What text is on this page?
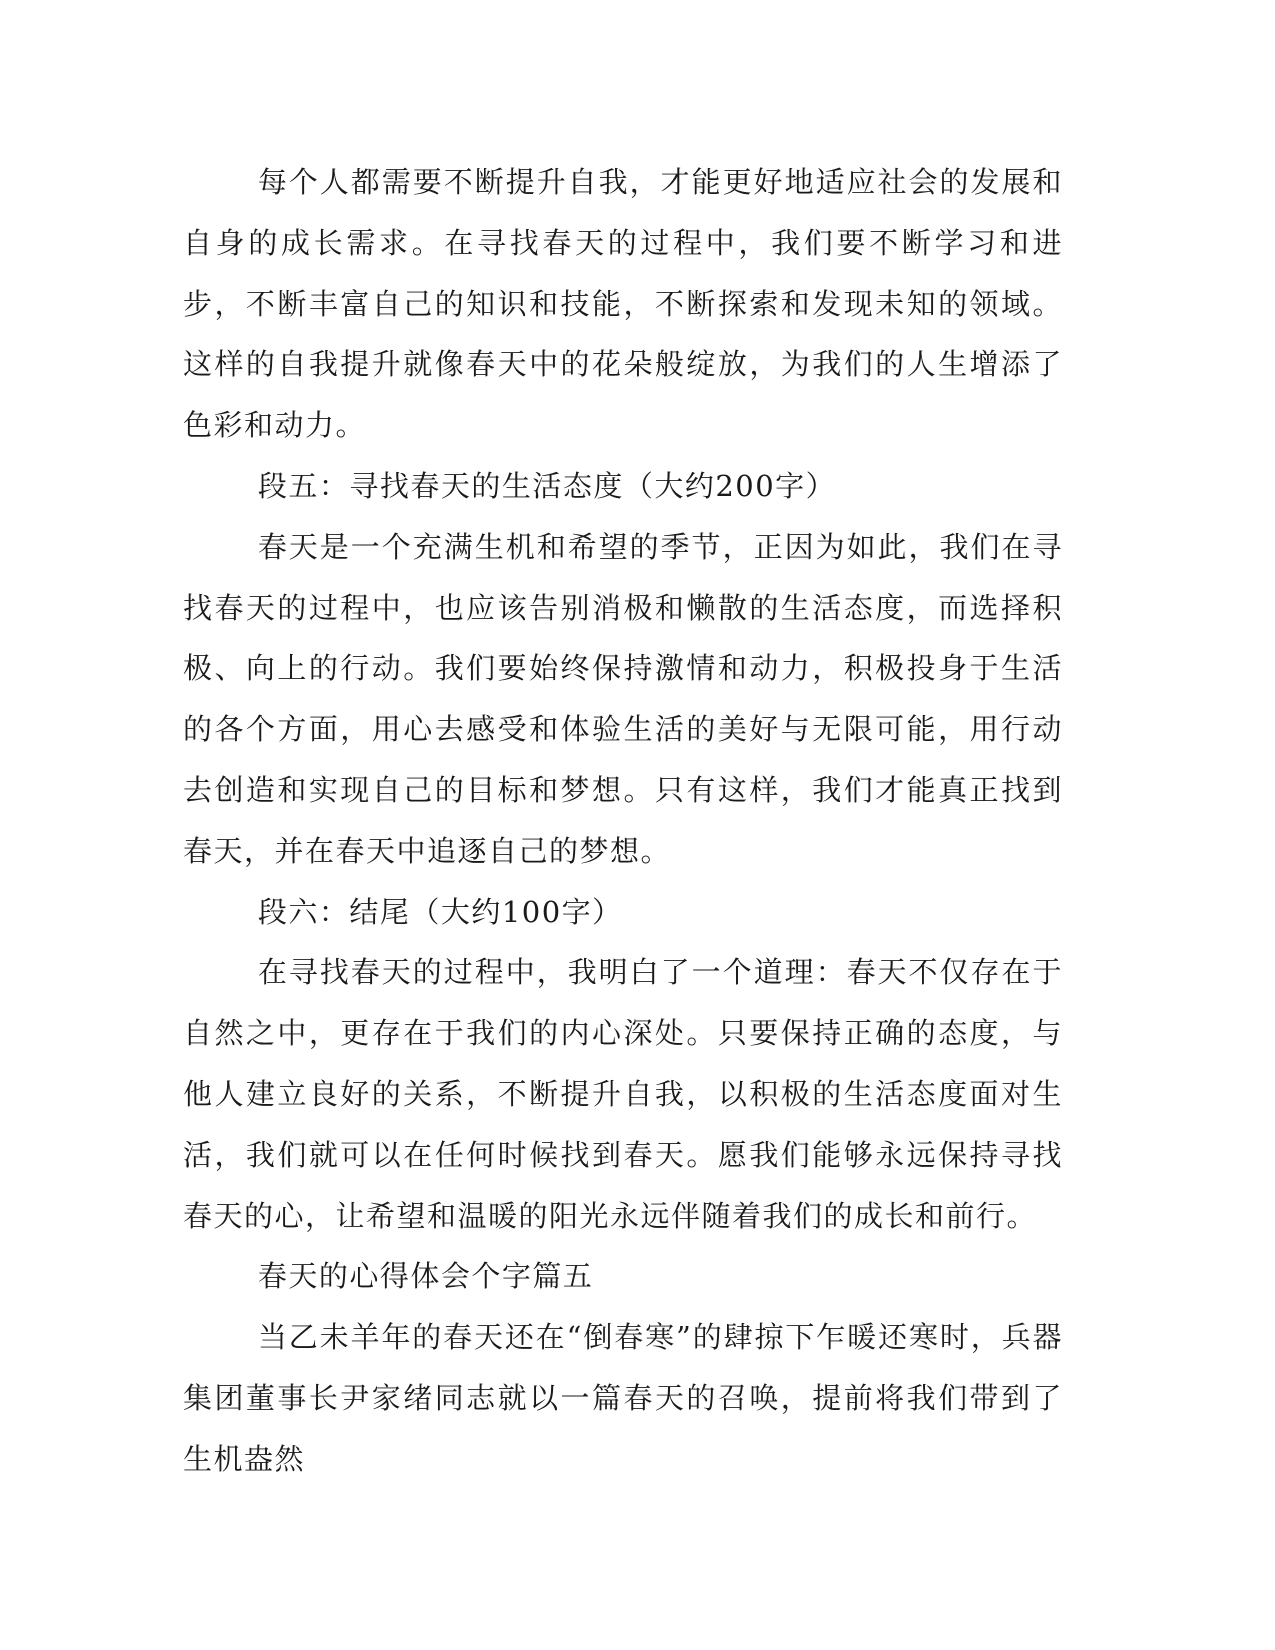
每个人都需要不断提升自我，才能更好地适应社会的发展和自身的成长需求。在寻找春天的过程中，我们要不断学习和进步，不断丰富自己的知识和技能，不断探索和发现未知的领域。这样的自我提升就像春天中的花朵般绽放，为我们的人生增添了色彩和动力。

段五：寻找春天的生活态度（大约200字）

春天是一个充满生机和希望的季节，正因为如此，我们在寻找春天的过程中，也应该告别消极和懒散的生活态度，而选择积极、向上的行动。我们要始终保持激情和动力，积极投身于生活的各个方面，用心去感受和体验生活的美好与无限可能，用行动去创造和实现自己的目标和梦想。只有这样，我们才能真正找到春天，并在春天中追逐自己的梦想。

段六：结尾（大约100字）

在寻找春天的过程中，我明白了一个道理：春天不仅存在于自然之中，更存在于我们的内心深处。只要保持正确的态度，与他人建立良好的关系，不断提升自我，以积极的生活态度面对生活，我们就可以在任何时候找到春天。愿我们能够永远保持寻找春天的心，让希望和温暖的阳光永远伴随着我们的成长和前行。

春天的心得体会个字篇五

当乙未羊年的春天还在“倒春寒”的肆掠下乍暖还寒时，兵器集团董事长尹家绪同志就以一篇春天的召唤，提前将我们带到了生机盎然
